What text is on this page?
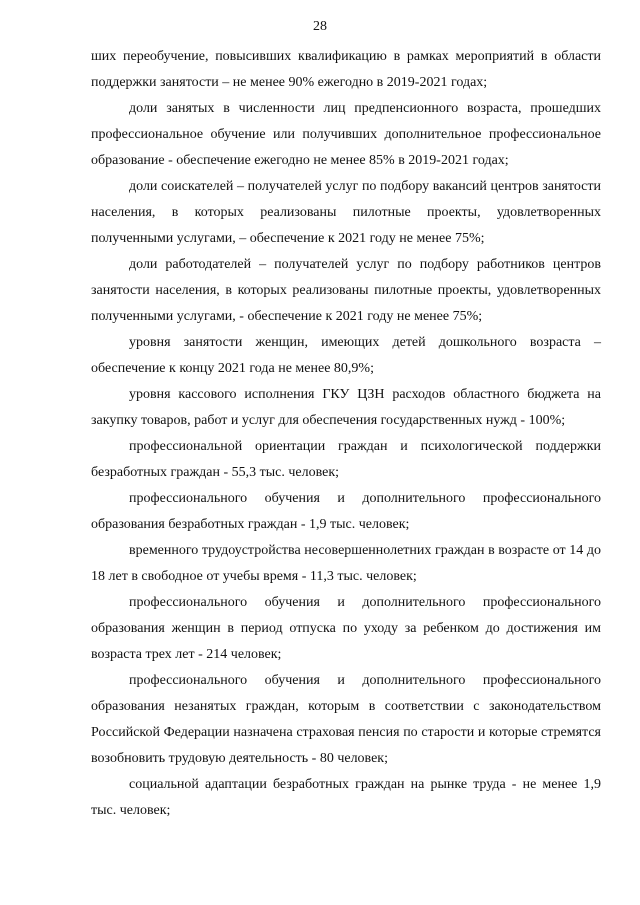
28

ших переобучение, повысивших квалификацию в рамках мероприятий в области поддержки занятости – не менее 90% ежегодно в 2019-2021 годах;

доли занятых в численности лиц предпенсионного возраста, прошедших профессиональное обучение или получивших дополнительное профессиональное образование - обеспечение ежегодно не менее 85% в 2019-2021 годах;

доли соискателей – получателей услуг по подбору вакансий центров занятости населения, в которых реализованы пилотные проекты, удовлетворенных полученными услугами, – обеспечение к 2021 году не менее 75%;

доли работодателей – получателей услуг по подбору работников центров занятости населения, в которых реализованы пилотные проекты, удовлетворенных полученными услугами, - обеспечение к 2021 году не менее 75%;

уровня занятости женщин, имеющих детей дошкольного возраста – обеспечение к концу 2021 года не менее 80,9%;

уровня кассового исполнения ГКУ ЦЗН расходов областного бюджета на закупку товаров, работ и услуг для обеспечения государственных нужд - 100%;

профессиональной ориентации граждан и психологической поддержки безработных граждан - 55,3 тыс. человек;

профессионального обучения и дополнительного профессионального образования безработных граждан - 1,9 тыс. человек;

временного трудоустройства несовершеннолетних граждан в возрасте от 14 до 18 лет в свободное от учебы время - 11,3 тыс. человек;

профессионального обучения и дополнительного профессионального образования женщин в период отпуска по уходу за ребенком до достижения им возраста трех лет - 214 человек;

профессионального обучения и дополнительного профессионального образования незанятых граждан, которым в соответствии с законодательством Российской Федерации назначена страховая пенсия по старости и которые стремятся возобновить трудовую деятельность - 80 человек;

социальной адаптации безработных граждан на рынке труда - не менее 1,9 тыс. человек;
